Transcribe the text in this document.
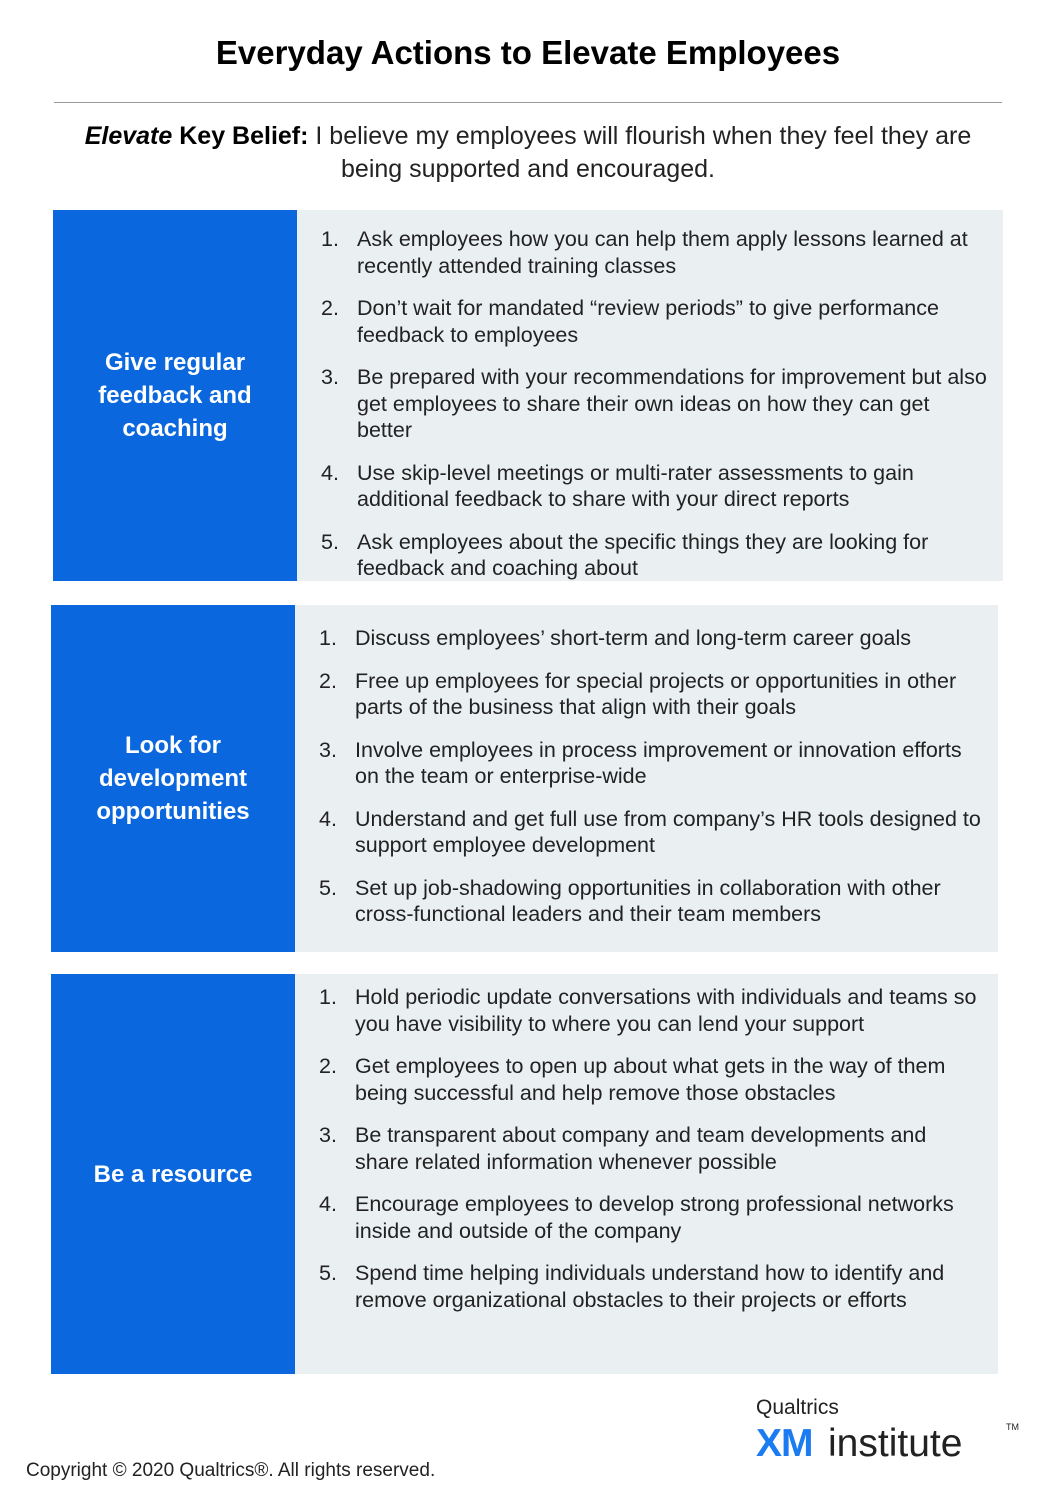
Everyday Actions to Elevate Employees
Elevate Key Belief: I believe my employees will flourish when they feel they are being supported and encouraged.
Give regular feedback and coaching
1. Ask employees how you can help them apply lessons learned at recently attended training classes
2. Don’t wait for mandated “review periods” to give performance feedback to employees
3. Be prepared with your recommendations for improvement but also get employees to share their own ideas on how they can get better
4. Use skip-level meetings or multi-rater assessments to gain additional feedback to share with your direct reports
5. Ask employees about the specific things they are looking for feedback and coaching about
Look for development opportunities
1. Discuss employees’ short-term and long-term career goals
2. Free up employees for special projects or opportunities in other parts of the business that align with their goals
3. Involve employees in process improvement or innovation efforts on the team or enterprise-wide
4. Understand and get full use from company’s HR tools designed to support employee development
5. Set up job-shadowing opportunities in collaboration with other cross-functional leaders and their team members
Be a resource
1. Hold periodic update conversations with individuals and teams so you have visibility to where you can lend your support
2. Get employees to open up about what gets in the way of them being successful and help remove those obstacles
3. Be transparent about company and team developments and share related information whenever possible
4. Encourage employees to develop strong professional networks inside and outside of the company
5. Spend time helping individuals understand how to identify and remove organizational obstacles to their projects or efforts
Qualtrics
XM institute	TM
Copyright © 2020 Qualtrics®. All rights reserved.
